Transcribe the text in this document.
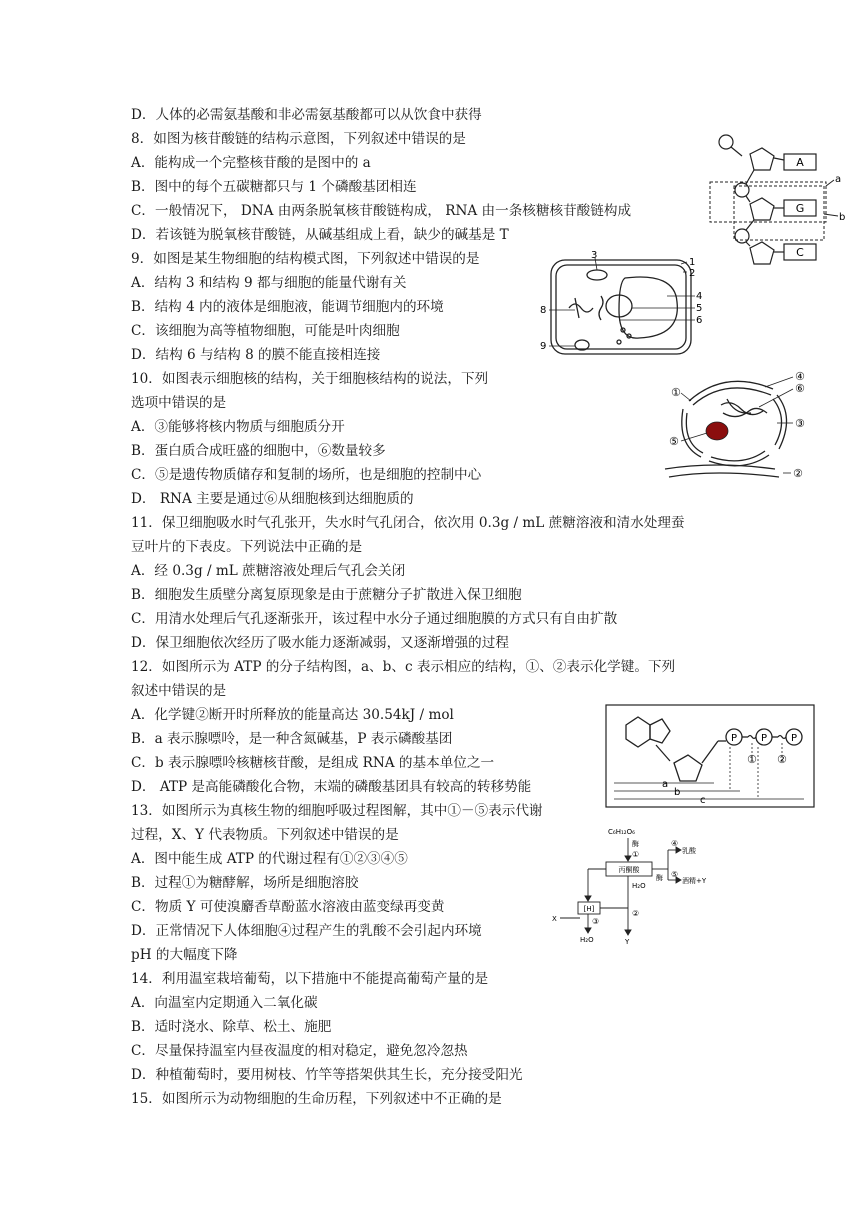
D．人体的必需氨基酸和非必需氨基酸都可以从饮食中获得
8．如图为核苷酸链的结构示意图，下列叙述中错误的是
A．能构成一个完整核苷酸的是图中的 a
B．图中的每个五碳糖都只与 1 个磷酸基团相连
C．一般情况下， DNA 由两条脱氧核苷酸链构成， RNA 由一条核糖核苷酸链构成
D．若该链为脱氧核苷酸链，从碱基组成上看，缺少的碱基是 T
9．如图是某生物细胞的结构模式图，下列叙述中错误的是
A．结构 3 和结构 9 都与细胞的能量代谢有关
B．结构 4 内的液体是细胞液，能调节细胞内的环境
C．该细胞为高等植物细胞，可能是叶肉细胞
D．结构 6 与结构 8 的膜不能直接相连接
10．如图表示细胞核的结构，关于细胞核结构的说法，下列
选项中错误的是
A．③能够将核内物质与细胞质分开
B．蛋白质合成旺盛的细胞中，⑥数量较多
C．⑤是遗传物质储存和复制的场所，也是细胞的控制中心
D． RNA 主要是通过⑥从细胞核到达细胞质的
11．保卫细胞吸水时气孔张开，失水时气孔闭合，依次用 0.3g / mL 蔗糖溶液和清水处理蚕
豆叶片的下表皮。下列说法中正确的是
A．经 0.3g / mL 蔗糖溶液处理后气孔会关闭
B．细胞发生质壁分离复原现象是由于蔗糖分子扩散进入保卫细胞
C．用清水处理后气孔逐渐张开，该过程中水分子通过细胞膜的方式只有自由扩散
D．保卫细胞依次经历了吸水能力逐渐减弱，又逐渐增强的过程
12．如图所示为 ATP 的分子结构图，a、b、c 表示相应的结构，①、②表示化学键。下列
叙述中错误的是
A．化学键②断开时所释放的能量高达 30.54kJ / mol
B．a 表示腺嘌呤，是一种含氮碱基，P 表示磷酸基团
C．b 表示腺嘌呤核糖核苷酸，是组成 RNA 的基本单位之一
D． ATP 是高能磷酸化合物，末端的磷酸基团具有较高的转移势能
13．如图所示为真核生物的细胞呼吸过程图解，其中①－⑤表示代谢
过程，X、Y 代表物质。下列叙述中错误的是
A．图中能生成 ATP 的代谢过程有①②③④⑤
B．过程①为糖酵解，场所是细胞溶胶
C．物质 Y 可使溴麝香草酚蓝水溶液由蓝变绿再变黄
D．正常情况下人体细胞④过程产生的乳酸不会引起内环境
pH 的大幅度下降
14．利用温室栽培葡萄，以下措施中不能提高葡萄产量的是
A．向温室内定期通入二氧化碳
B．适时浇水、除草、松土、施肥
C．尽量保持温室内昼夜温度的相对稳定，避免忽冷忽热
D．种植葡萄时，要用树枝、竹竿等搭架供其生长，充分接受阳光
15．如图所示为动物细胞的生命历程，下列叙述中不正确的是
A
G
C
a
b
1
2
3
4
5
6
8
9
①
④
⑥
③
⑤
②
P P P
① ②
a
b
c
C₆H₁₂O₆
酶
①
丙酮酸
酶
④
乳酸
⑤
酒精+Y
H₂O
②
[H]
X	③
H₂O	Y
